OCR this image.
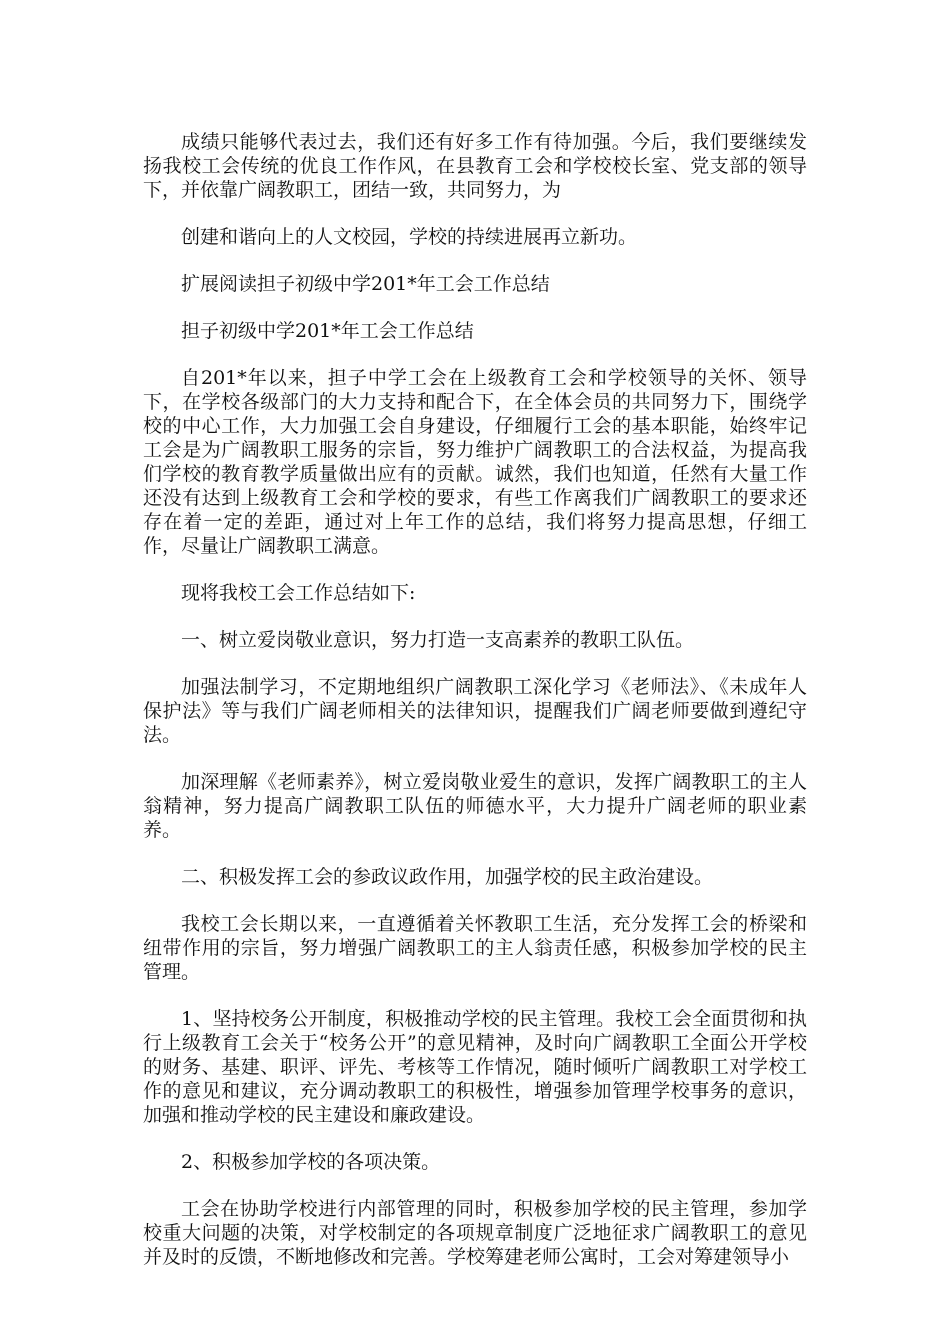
成绩只能够代表过去，我们还有好多工作有待加强。今后，我们要继续发扬我校工会传统的优良工作作风，在县教育工会和学校校长室、党支部的领导下，并依靠广阔教职工，团结一致，共同努力，为

创建和谐向上的人文校园，学校的持续进展再立新功。

扩展阅读担子初级中学201*年工会工作总结

担子初级中学201*年工会工作总结

自201*年以来，担子中学工会在上级教育工会和学校领导的关怀、领导下，在学校各级部门的大力支持和配合下，在全体会员的共同努力下，围绕学校的中心工作，大力加强工会自身建设，仔细履行工会的基本职能，始终牢记工会是为广阔教职工服务的宗旨，努力维护广阔教职工的合法权益，为提高我们学校的教育教学质量做出应有的贡献。诚然，我们也知道，任然有大量工作还没有达到上级教育工会和学校的要求，有些工作离我们广阔教职工的要求还存在着一定的差距，通过对上年工作的总结，我们将努力提高思想，仔细工作，尽量让广阔教职工满意。

现将我校工会工作总结如下:

一、树立爱岗敬业意识，努力打造一支高素养的教职工队伍。

加强法制学习，不定期地组织广阔教职工深化学习《老师法》、《未成年人保护法》等与我们广阔老师相关的法律知识，提醒我们广阔老师要做到遵纪守法。

加深理解《老师素养》，树立爱岗敬业爱生的意识，发挥广阔教职工的主人翁精神，努力提高广阔教职工队伍的师德水平，大力提升广阔老师的职业素养。

二、积极发挥工会的参政议政作用，加强学校的民主政治建设。

我校工会长期以来，一直遵循着关怀教职工生活，充分发挥工会的桥梁和纽带作用的宗旨，努力增强广阔教职工的主人翁责任感，积极参加学校的民主管理。

1、坚持校务公开制度，积极推动学校的民主管理。我校工会全面贯彻和执行上级教育工会关于“校务公开”的意见精神，及时向广阔教职工全面公开学校的财务、基建、职评、评先、考核等工作情况，随时倾听广阔教职工对学校工作的意见和建议，充分调动教职工的积极性，增强参加管理学校事务的意识，加强和推动学校的民主建设和廉政建设。

2、积极参加学校的各项决策。

工会在协助学校进行内部管理的同时，积极参加学校的民主管理，参加学校重大问题的决策，对学校制定的各项规章制度广泛地征求广阔教职工的意见并及时的反馈，不断地修改和完善。学校筹建老师公寓时，工会对筹建领导小
